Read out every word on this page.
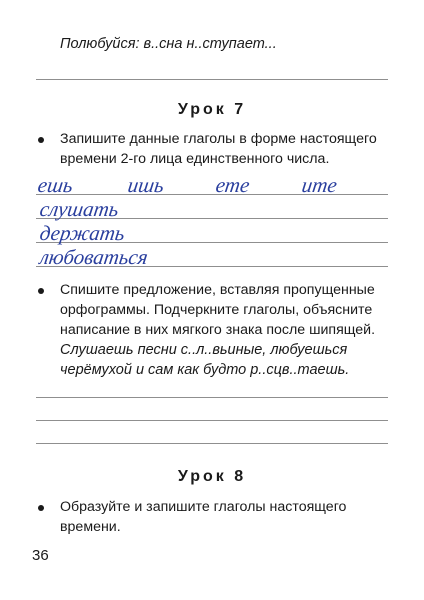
Полюбуйся: в..сна н..ступает...
Урок 7
Запишите данные глаголы в форме настоящего
времени 2-го лица единственного числа.
ешь ишь ете ите
слушать
держать
любоваться
Спишите предложение, вставляя пропущенные
орфограммы. Подчеркните глаголы, объясните
написание в них мягкого знака после шипящей.
Слушаешь песни с..л..вьиные, любуешься
черёмухой и сам как будто р..сцв..таешь.
Урок 8
Образуйте и запишите глаголы настоящего
времени.
36
